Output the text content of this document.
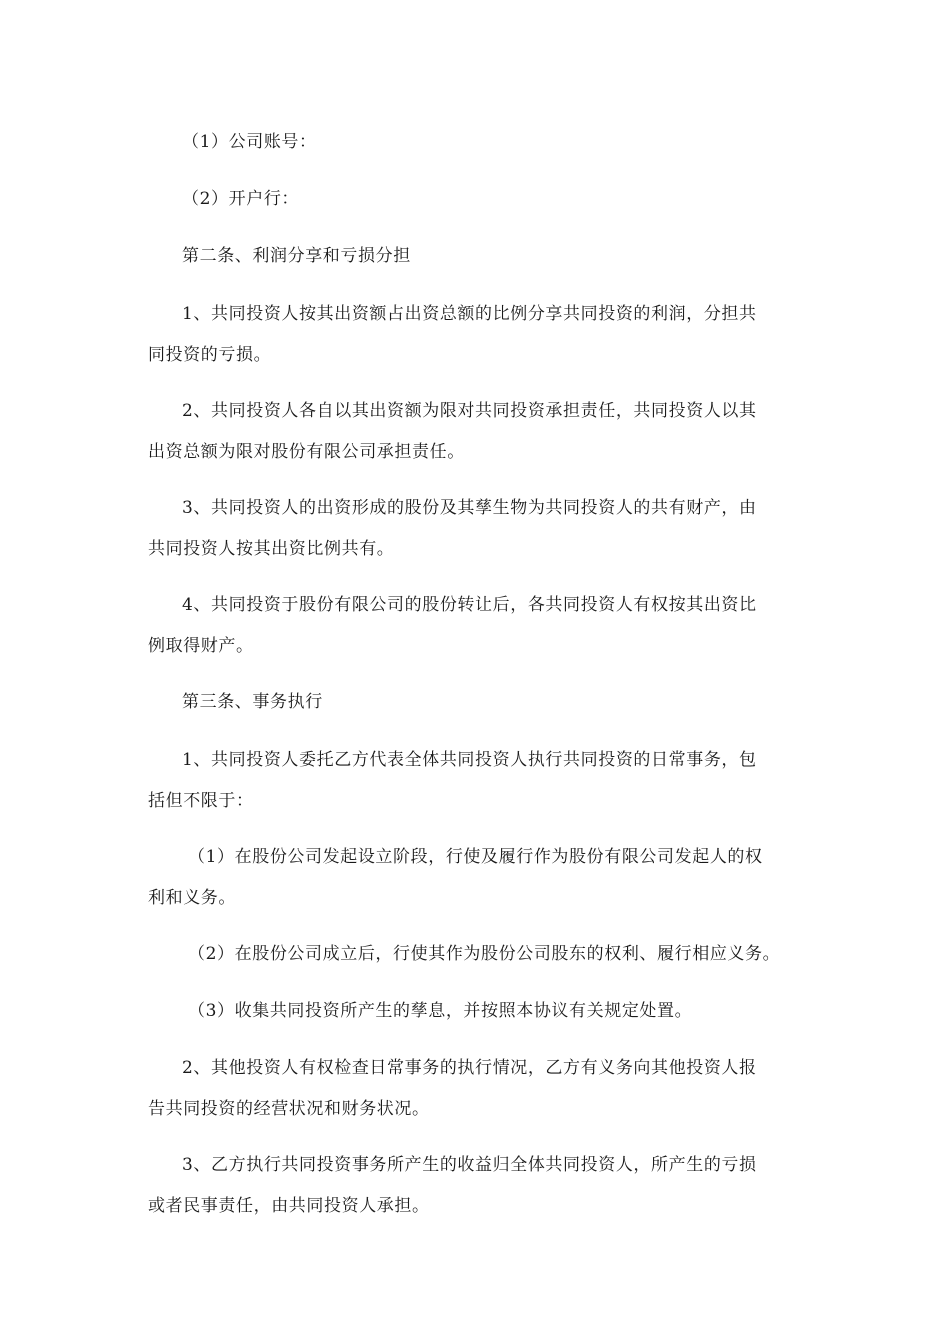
（1）公司账号：
（2）开户行：
第二条、利润分享和亏损分担
1、共同投资人按其出资额占出资总额的比例分享共同投资的利润，分担共
同投资的亏损。
2、共同投资人各自以其出资额为限对共同投资承担责任，共同投资人以其
出资总额为限对股份有限公司承担责任。
3、共同投资人的出资形成的股份及其孳生物为共同投资人的共有财产，由
共同投资人按其出资比例共有。
4、共同投资于股份有限公司的股份转让后，各共同投资人有权按其出资比
例取得财产。
第三条、事务执行
1、共同投资人委托乙方代表全体共同投资人执行共同投资的日常事务，包
括但不限于：
（1）在股份公司发起设立阶段，行使及履行作为股份有限公司发起人的权
利和义务。
（2）在股份公司成立后，行使其作为股份公司股东的权利、履行相应义务。
（3）收集共同投资所产生的孳息，并按照本协议有关规定处置。
2、其他投资人有权检查日常事务的执行情况，乙方有义务向其他投资人报
告共同投资的经营状况和财务状况。
3、乙方执行共同投资事务所产生的收益归全体共同投资人，所产生的亏损
或者民事责任，由共同投资人承担。
